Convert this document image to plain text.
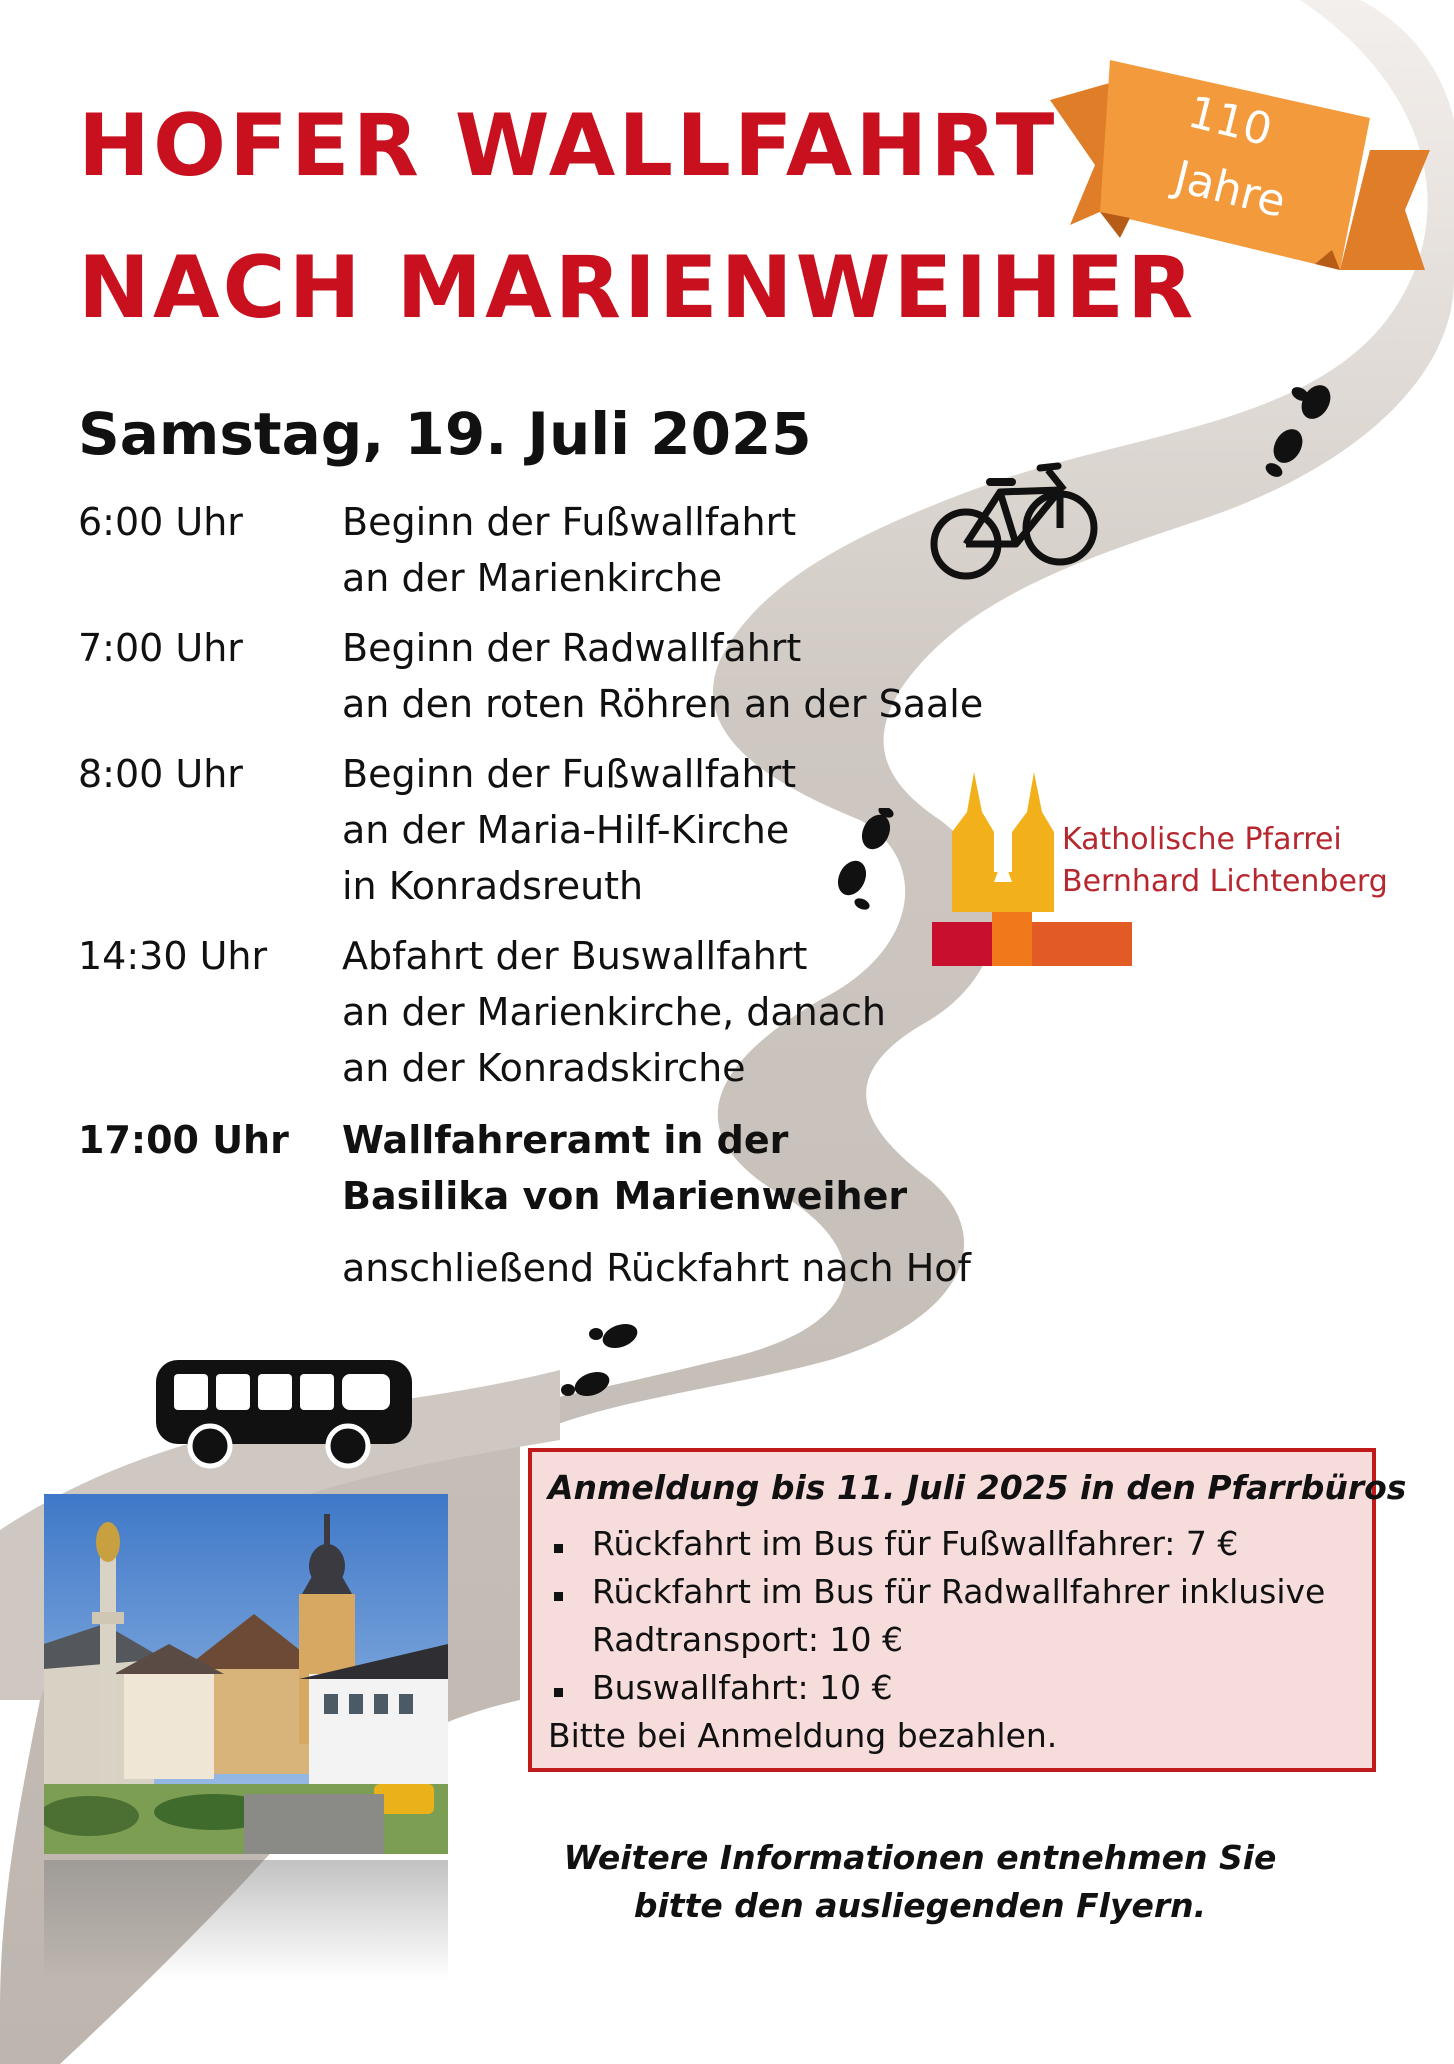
HOFER WALLFAHRT
NACH MARIENWEIHER
110
Jahre
Samstag, 19. Juli 2025
6:00 Uhr	Beginn der Fußwallfahrt
an der Marienkirche
7:00 Uhr	Beginn der Radwallfahrt
an den roten Röhren an der Saale
8:00 Uhr	Beginn der Fußwallfahrt
an der Maria-Hilf-Kirche
in Konradsreuth
14:30 Uhr Abfahrt der Buswallfahrt
an der Marienkirche, danach
an der Konradskirche
17:00 Uhr Wallfahreramt in der
Basilika von Marienweiher
anschließend Rückfahrt nach Hof
Katholische Pfarrei
Bernhard Lichtenberg
Anmeldung bis 11. Juli 2025 in den Pfarrbüros
Rückfahrt im Bus für Fußwallfahrer: 7 €
Rückfahrt im Bus für Radwallfahrer inklusive
Radtransport: 10 €
Buswallfahrt: 10 €
Bitte bei Anmeldung bezahlen.
Weitere Informationen entnehmen Sie
bitte den ausliegenden Flyern.
